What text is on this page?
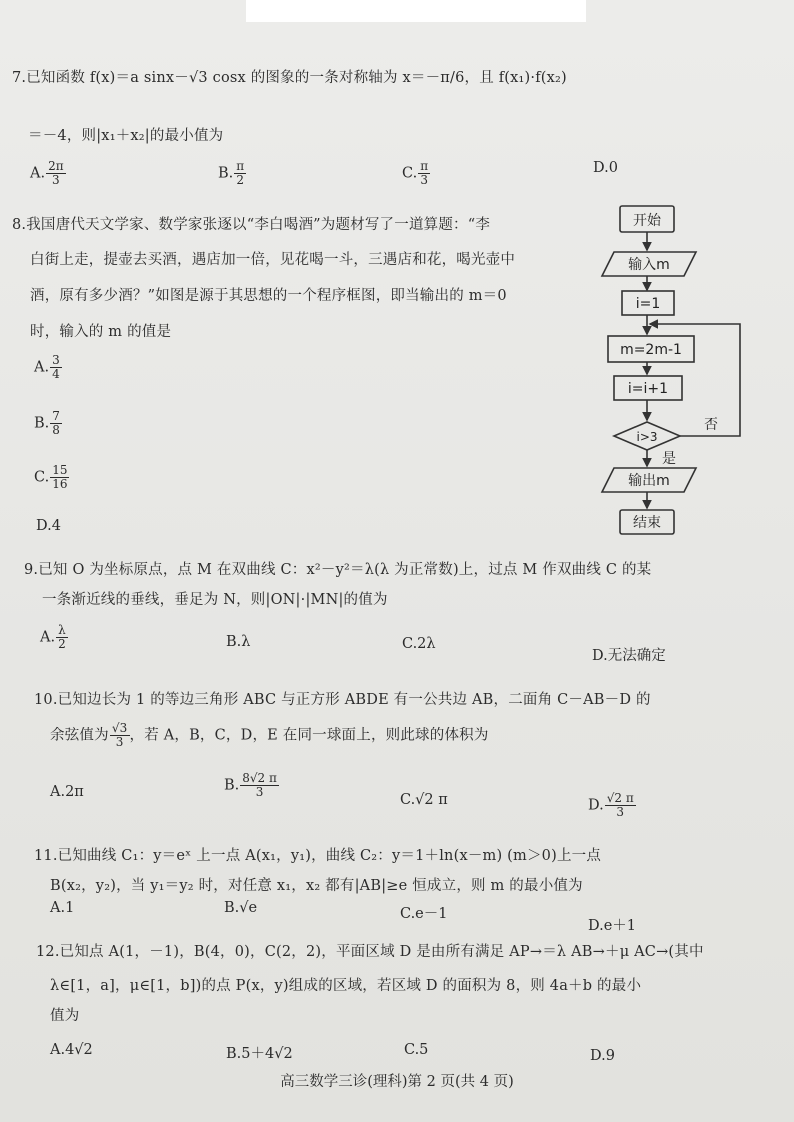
7.已知函数 f(x)＝a sinx－√3 cosx 的图象的一条对称轴为 x＝－π/6，且 f(x₁)·f(x₂)
＝－4，则|x₁＋x₂|的最小值为
A. $\frac{2\pi}{3}$	B. $\frac{\pi}{2}$	C. $\frac{\pi}{3}$	D.0
8.我国唐代天文学家、数学家张逐以“李白喝酒”为题材写了一道算题：“李
白街上走，提壶去买酒，遇店加一倍，见花喝一斗，三遇店和花，喝光壶中
酒，原有多少酒？”如图是源于其思想的一个程序框图，即当输出的 m＝0
时，输入的 m 的值是
A. $\frac{3}{4}$
B. $\frac{7}{8}$
C. $\frac{15}{16}$
D.4
开始
输入m
i=1
m=2m-1
i=i+1
i>3
否
是
输出m
结束
9.已知 O 为坐标原点，点 M 在双曲线 C：x²－y²＝λ(λ 为正常数)上，过点 M 作双曲线 C 的某
一条渐近线的垂线，垂足为 N，则|ON|·|MN|的值为
A. $\frac{\lambda}{2}$	B.λ	C.2λ
D.无法确定
10.已知边长为 1 的等边三角形 ABC 与正方形 ABDE 有一公共边 AB，二面角 C－AB－D 的
余弦值为 $\frac{√3}{3}$ ，若 A，B，C，D，E 在同一球面上，则此球的体积为
A.2π	B. $\frac{8√2 \pi}{3}$
C.√2 π	D. $\frac{√2 \pi}{3}$
11.已知曲线 C₁：y＝eˣ 上一点 A(x₁，y₁)，曲线 C₂：y＝1＋ln(x－m) (m＞0)上一点
B(x₂，y₂)，当 y₁＝y₂ 时，对任意 x₁，x₂ 都有|AB|≥e 恒成立，则 m 的最小值为
A.1	B.√e	C.e－1
D.e＋1
12.已知点 A(1，－1)，B(4，0)，C(2，2)，平面区域 D 是由所有满足 AP→＝λ AB→＋μ AC→(其中
λ∈[1，a]，μ∈[1，b])的点 P(x，y)组成的区域，若区域 D 的面积为 8，则 4a＋b 的最小
值为
A.4√2	B.5＋4√2	C.5	D.9
高三数学三诊(理科)第 2 页(共 4 页)
